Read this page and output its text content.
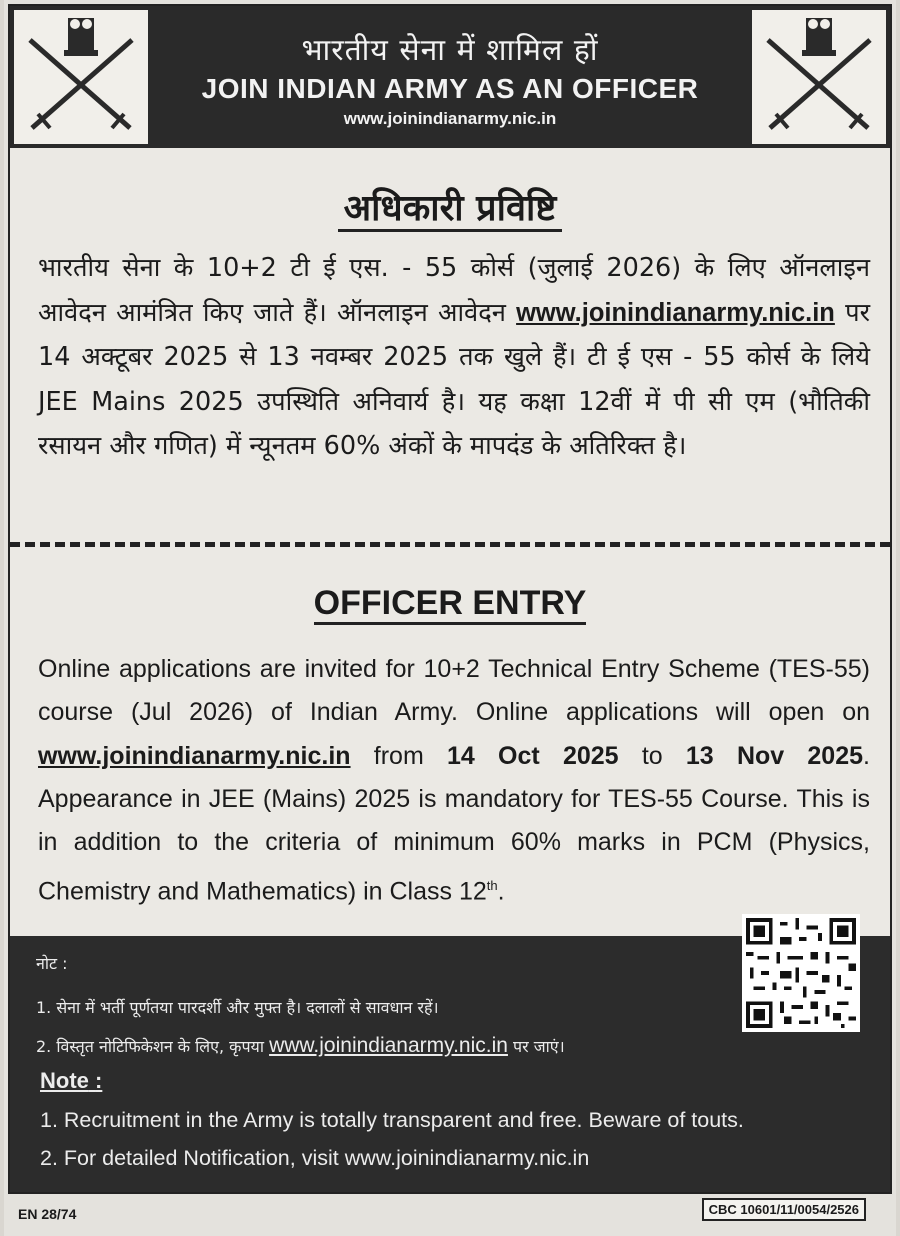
भारतीय सेना में शामिल हों
JOIN INDIAN ARMY AS AN OFFICER
www.joinindianarmy.nic.in
अधिकारी प्रविष्टि
भारतीय सेना के 10+2 टी ई एस. - 55 कोर्स (जुलाई 2026) के लिए ऑनलाइन आवेदन आमंत्रित किए जाते हैं। ऑनलाइन आवेदन www.joinindianarmy.nic.in पर 14 अक्टूबर 2025 से 13 नवम्बर 2025 तक खुले हैं। टी ई एस - 55 कोर्स के लिये JEE Mains 2025 उपस्थिति अनिवार्य है। यह कक्षा 12वीं में पी सी एम (भौतिकी रसायन और गणित) में न्यूनतम 60% अंकों के मापदंड के अतिरिक्त है।
OFFICER ENTRY
Online applications are invited for 10+2 Technical Entry Scheme (TES-55) course (Jul 2026) of Indian Army. Online applications will open on www.joinindianarmy.nic.in from 14 Oct 2025 to 13 Nov 2025. Appearance in JEE (Mains) 2025 is mandatory for TES-55 Course. This is in addition to the criteria of minimum 60% marks in PCM (Physics, Chemistry and Mathematics) in Class 12th.
नोट :
1. सेना में भर्ती पूर्णतया पारदर्शी और मुफ्त है। दलालों से सावधान रहें।
2. विस्तृत नोटिफिकेशन के लिए, कृपया www.joinindianarmy.nic.in पर जाएं।
Note :
1. Recruitment in the Army is totally transparent and free. Beware of touts.
2. For detailed Notification, visit www.joinindianarmy.nic.in
EN 28/74	CBC 10601/11/0054/2526
